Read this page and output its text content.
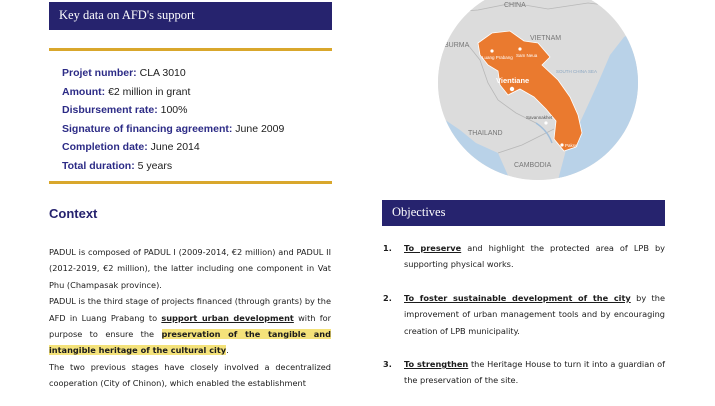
Key data on AFD's support
Projet number: CLA 3010
Amount: €2 million in grant
Disbursement rate: 100%
Signature of financing agreement: June 2009
Completion date: June 2014
Total duration: 5 years
Context

PADUL is composed of PADUL I (2009-2014, €2 million) and PADUL II (2012-2019, €2 million), the latter including one component in Vat Phu (Champasak province).

PADUL is the third stage of projects financed (through grants) by the AFD in Luang Prabang to support urban development with for purpose to ensure the preservation of the tangible and intangible heritage of the cultural city.

The two previous stages have closely involved a decentralized cooperation (City of Chinon), which enabled the establishment

CHINA
BURMA
VIETNAM
Luang Prabang Sam Neua
Vientiane
SOUTH CHINA SEA
THAILAND
Savannakhet
Pakse
CAMBODIA
Objectives
1. To preserve and highlight the protected area of LPB by supporting physical works.
2. To foster sustainable development of the city by the improvement of urban management tools and by encouraging creation of LPB municipality.
3. To strengthen the Heritage House to turn it into a guardian of the preservation of the site.
